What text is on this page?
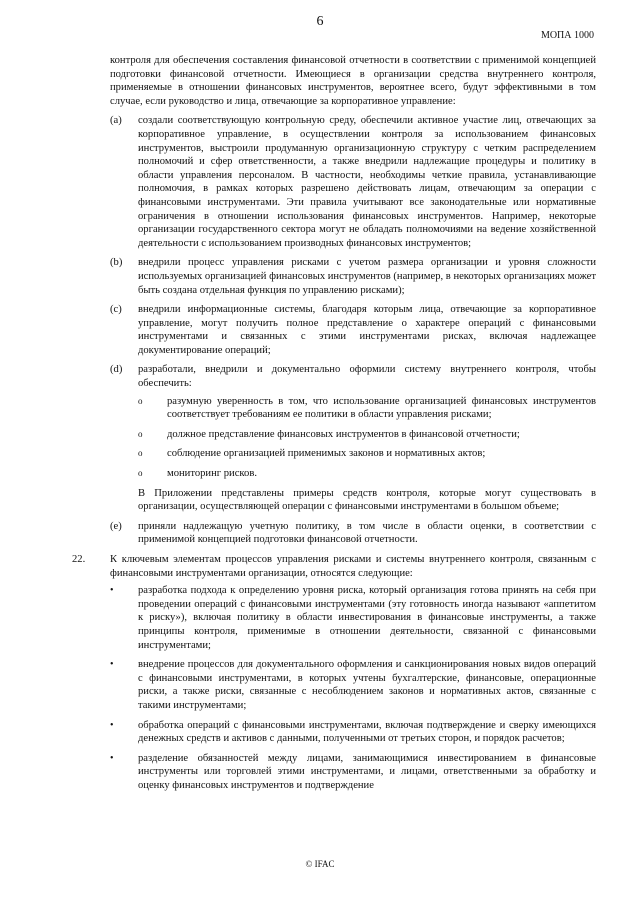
6
МОПА 1000

контроля для обеспечения составления финансовой отчетности в соответствии с применимой концепцией подготовки финансовой отчетности. Имеющиеся в организации средства внутреннего контроля, применяемые в отношении финансовых инструментов, вероятнее всего, будут эффективными в том случае, если руководство и лица, отвечающие за корпоративное управление:

(a)	создали соответствующую контрольную среду, обеспечили активное участие лиц, отвечающих за корпоративное управление, в осуществлении контроля за использованием финансовых инструментов, выстроили продуманную организационную структуру с четким распределением полномочий и сфер ответственности, а также внедрили надлежащие процедуры и политику в области управления персоналом. В частности, необходимы четкие правила, устанавливающие полномочия, в рамках которых разрешено действовать лицам, отвечающим за операции с финансовыми инструментами. Эти правила учитывают все законодательные или нормативные ограничения в отношении использования финансовых инструментов. Например, некоторые организации государственного сектора могут не обладать полномочиями на ведение хозяйственной деятельности с использованием производных финансовых инструментов;
(b)	внедрили процесс управления рисками с учетом размера организации и уровня сложности используемых организацией финансовых инструментов (например, в некоторых организациях может быть создана отдельная функция по управлению рисками);
(c)	внедрили информационные системы, благодаря которым лица, отвечающие за корпоративное управление, могут получить полное представление о характере операций с финансовыми инструментами и связанных с этими инструментами рисках, включая надлежащее документирование операций;
(d)	разработали, внедрили и документально оформили систему внутреннего контроля, чтобы обеспечить:

o	разумную уверенность в том, что использование организацией финансовых инструментов соответствует требованиям ее политики в области управления рисками;
o	должное представление финансовых инструментов в финансовой отчетности;
o	соблюдение организацией применимых законов и нормативных актов;
o	мониторинг рисков.

В Приложении представлены примеры средств контроля, которые могут существовать в организации, осуществляющей операции с финансовыми инструментами в большом объеме;

(e)	приняли надлежащую учетную политику, в том числе в области оценки, в соответствии с применимой концепцией подготовки финансовой отчетности.
22.	К ключевым элементам процессов управления рисками и системы внутреннего контроля, связанным с финансовыми инструментами организации, относятся следующие:
•	разработка подхода к определению уровня риска, который организация готова принять на себя при проведении операций с финансовыми инструментами (эту готовность иногда называют «аппетитом к риску»), включая политику в области инвестирования в финансовые инструменты, а также принципы контроля, применимые в отношении деятельности, связанной с финансовыми инструментами;
•	внедрение процессов для документального оформления и санкционирования новых видов операций с финансовыми инструментами, в которых учтены бухгалтерские, финансовые, операционные риски, а также риски, связанные с несоблюдением законов и нормативных актов, связанные с такими инструментами;
•	обработка операций с финансовыми инструментами, включая подтверждение и сверку имеющихся денежных средств и активов с данными, полученными от третьих сторон, и порядок расчетов;
•	разделение обязанностей между лицами, занимающимися инвестированием в финансовые инструменты или торговлей этими инструментами, и лицами, ответственными за обработку и оценку финансовых инструментов и подтверждение
© IFAC
